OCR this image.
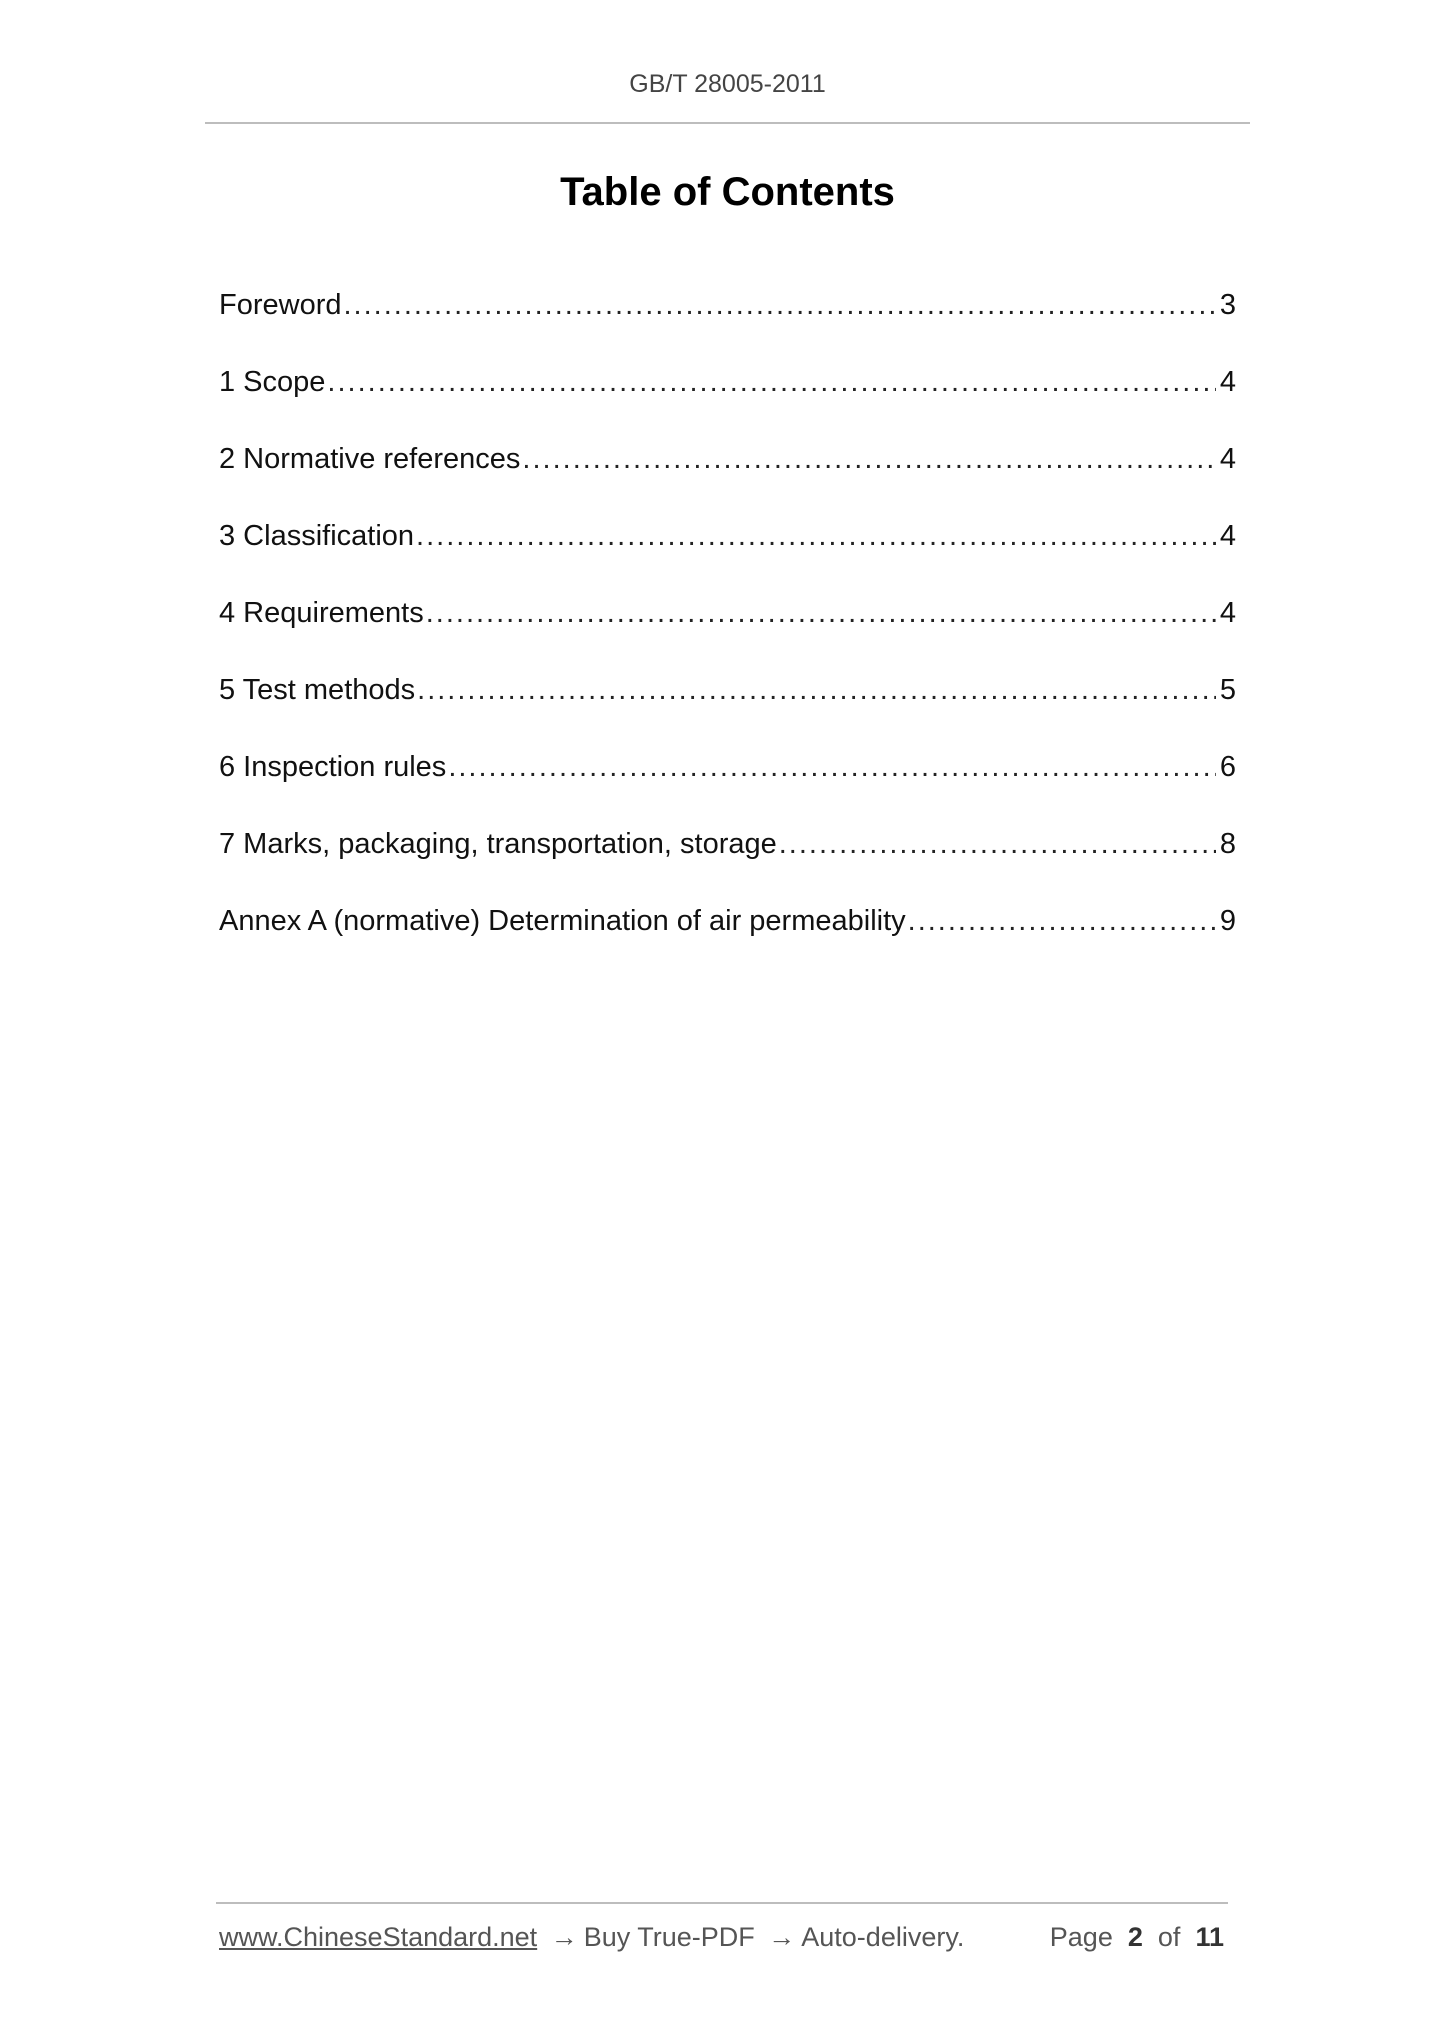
GB/T 28005-2011
Table of Contents
Foreword .....	3
1 Scope .....	4
2 Normative references .....	4
3 Classification .....	4
4 Requirements .....	4
5 Test methods .....	5
6 Inspection rules .....	6
7 Marks, packaging, transportation, storage .....	8
Annex A (normative) Determination of air permeability .....	9
www.ChineseStandard.net → Buy True-PDF → Auto-delivery.	Page 2 of 11
